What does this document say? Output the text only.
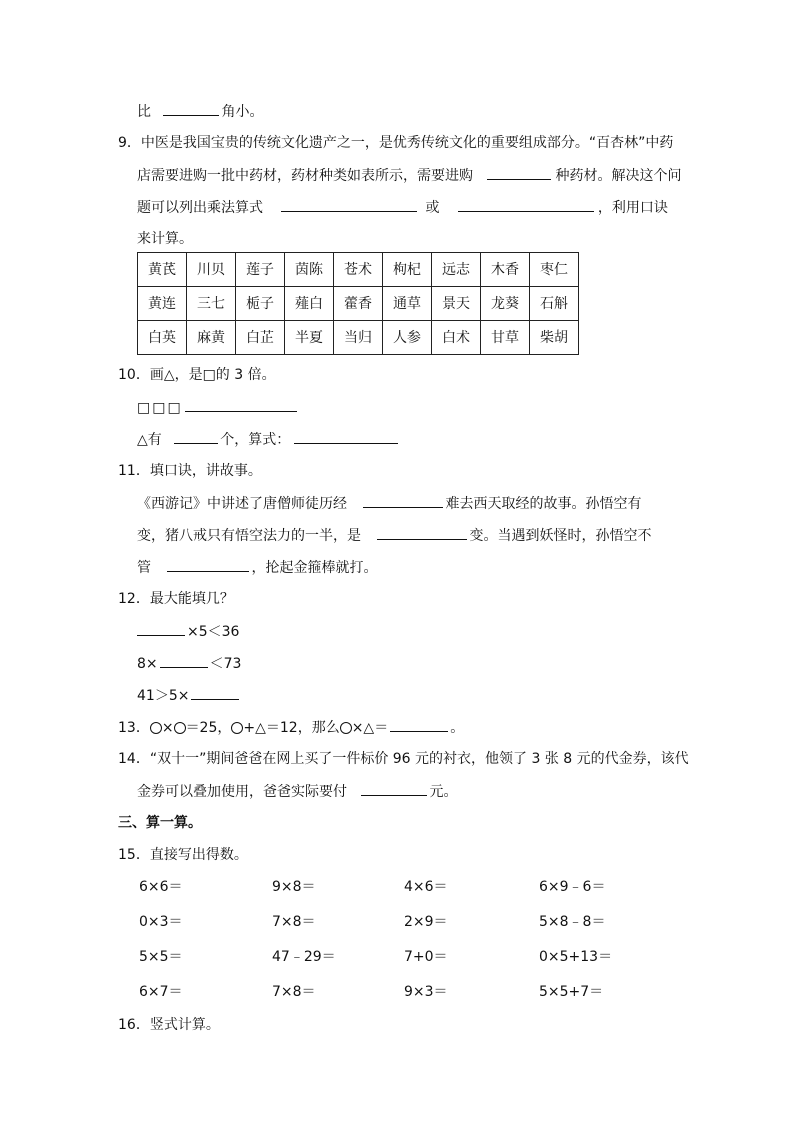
比	角小。
9．中医是我国宝贵的传统文化遗产之一，是优秀传统文化的重要组成部分。“百杏林”中药
店需要进购一批中药材，药材种类如表所示，需要进购	种药材。解决这个问
题可以列出乘法算式	或	，利用口诀
来计算。
黄芪	川贝	莲子	茵陈	苍术	枸杞	远志	木香	枣仁
黄连	三七	栀子	薤白	藿香	通草	景天	龙葵	石斛
白英	麻黄	白芷	半夏	当归	人参	白术	甘草	柴胡
10．画△，是□的 3 倍。
□□□
△有	个，算式：
11．填口诀，讲故事。
《西游记》中讲述了唐僧师徒历经	难去西天取经的故事。孙悟空有
变，猪八戒只有悟空法力的一半，是	变。当遇到妖怪时，孙悟空不
管	，抡起金箍棒就打。
12．最大能填几？
×5＜36
8×	＜73
41＞5×
13． × ＝25， +△＝12，那么 ×△＝	。
14．“双十一”期间爸爸在网上买了一件标价 96 元的衬衣，他领了 3 张 8 元的代金券，该代
金券可以叠加使用，爸爸实际要付	元。
三、算一算。
15．直接写出得数。
6×6＝	9×8＝	4×6＝	6×9﹣6＝
0×3＝	7×8＝	2×9＝	5×8﹣8＝
5×5＝	47﹣29＝	7+0＝	0×5+13＝
6×7＝	7×8＝	9×3＝	5×5+7＝
16．竖式计算。
